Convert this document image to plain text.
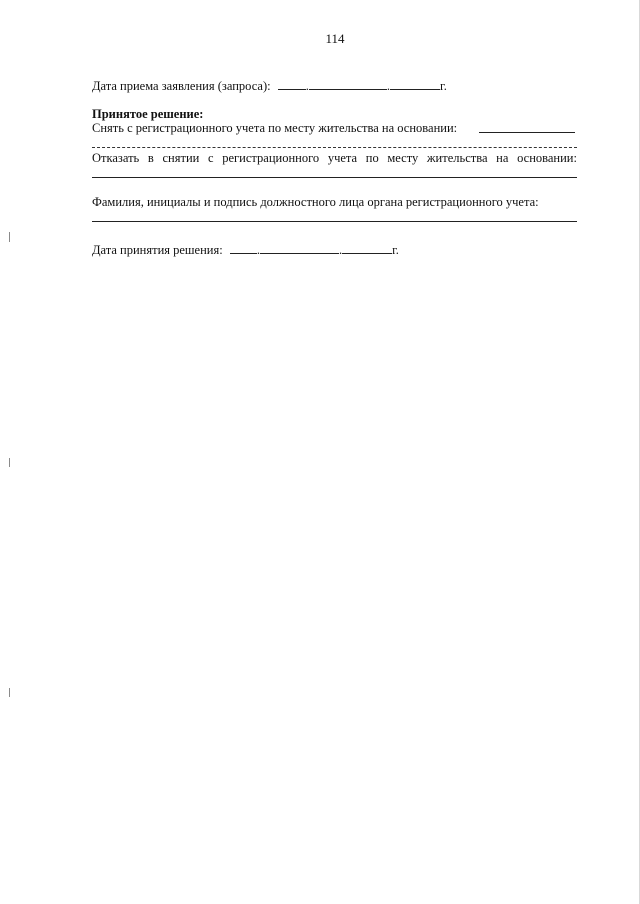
114
Дата приема заявления (запроса):	.	.	г.
Принятое решение:
Снять с регистрационного учета по месту жительства на основании:
Отказать в снятии с регистрационного учета по месту жительства на основании:
Фамилия, инициалы и подпись должностного лица органа регистрационного учета:
Дата принятия решения:	.	.	г.
